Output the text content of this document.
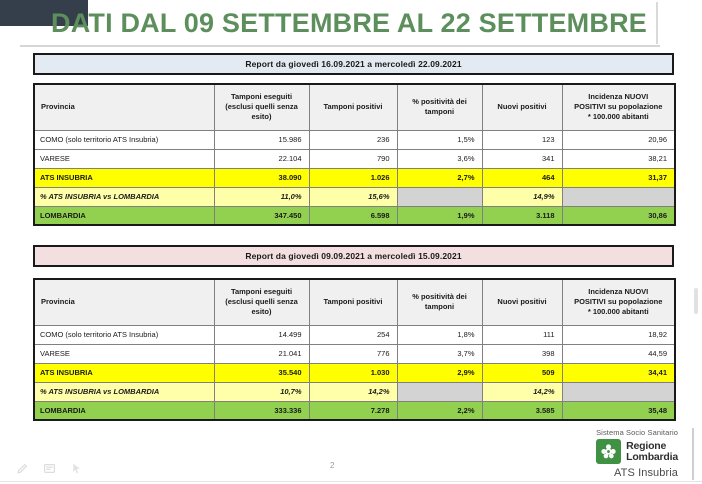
DATI DAL 09 SETTEMBRE AL 22 SETTEMBRE
Report da giovedì 16.09.2021 a mercoledì 22.09.2021
Provincia	Tamponi eseguiti
(esclusi quelli senza
esito)	Tamponi positivi	% positività dei
tamponi	Nuovi positivi	Incidenza NUOVI
POSITIVI su popolazione
* 100.000 abitanti
COMO (solo territorio ATS Insubria)	15.986	236	1,5%	123	20,96
VARESE	22.104	790	3,6%	341	38,21
ATS INSUBRIA	38.090	1.026	2,7%	464	31,37
% ATS INSUBRIA vs LOMBARDIA	11,0%	15,6%		14,9%	
LOMBARDIA	347.450	6.598	1,9%	3.118	30,86
Report da giovedì 09.09.2021 a mercoledì 15.09.2021
Provincia	Tamponi eseguiti
(esclusi quelli senza
esito)	Tamponi positivi	% positività dei
tamponi	Nuovi positivi	Incidenza NUOVI
POSITIVI su popolazione
* 100.000 abitanti
COMO (solo territorio ATS Insubria)	14.499	254	1,8%	111	18,92
VARESE	21.041	776	3,7%	398	44,59
ATS INSUBRIA	35.540	1.030	2,9%	509	34,41
% ATS INSUBRIA vs LOMBARDIA	10,7%	14,2%		14,2%	
LOMBARDIA	333.336	7.278	2,2%	3.585	35,48
Sistema Socio Sanitario
Regione
Lombardia
ATS Insubria
2
